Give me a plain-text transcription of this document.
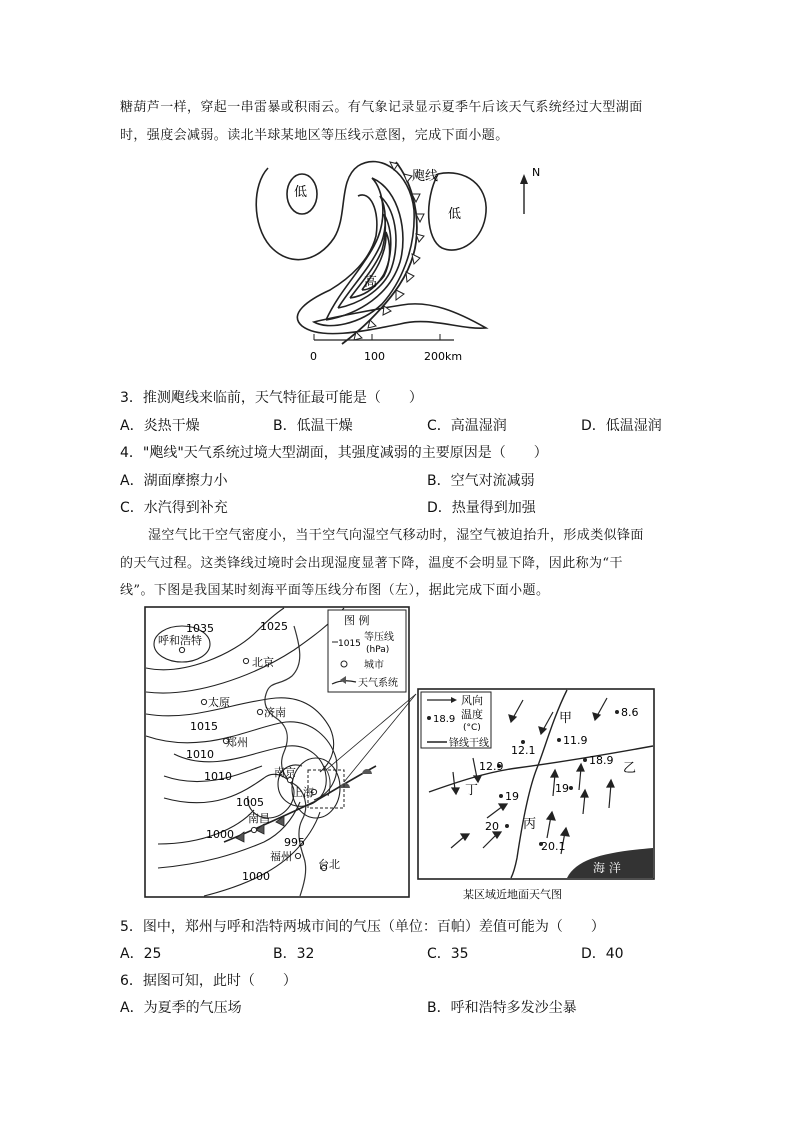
糖葫芦一样，穿起一串雷暴或积雨云。有气象记录显示夏季午后该天气系统经过大型湖面
时，强度会减弱。读北半球某地区等压线示意图，完成下面小题。
N
飑线
低
低
高
0	100	200km
3．推测飑线来临前，天气特征最可能是（　　）
A．炎热干燥	B．低温干燥	C．高温湿润	D．低温湿润
4．"飑线"天气系统过境大型湖面，其强度减弱的主要原因是（　　）
A．湖面摩擦力小	B．空气对流减弱
C．水汽得到补充	D．热量得到加强
湿空气比干空气密度小，当干空气向湿空气移动时，湿空气被迫抬升，形成类似锋面
的天气过程。这类锋线过境时会出现湿度显著下降，温度不会明显下降，因此称为“干
线”。下图是我国某时刻海平面等压线分布图（左），据此完成下面小题。
图 例
1015
等压线
(hPa)
城市
天气系统
1035	1025
1015
1010
1010
1005
1000
995
1000
呼和浩特
北京
太原
济南
郑州
南京
上海
南昌
福州
台北
风向
18.9 温度
(°C)
锋线干线
8.6
11.9
12.1
12.9	18.9
19
19
20
20.1
甲
乙
丙
丁
海 洋
某区域近地面天气图
5．图中，郑州与呼和浩特两城市间的气压（单位：百帕）差值可能为（　　）
A．25	B．32	C．35	D．40
6．据图可知，此时（　　）
A．为夏季的气压场	B．呼和浩特多发沙尘暴
